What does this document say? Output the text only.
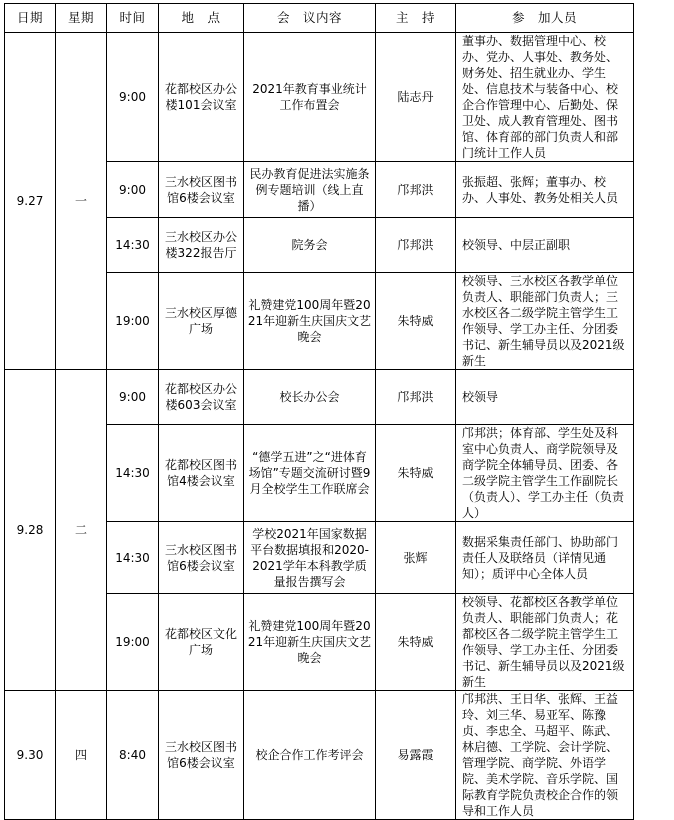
日期	星期	时间	地　点	会　议内容	主　持	参　加人员
9.27	一	9:00	花都校区办公楼101会议室	2021年教育事业统计工作布置会	陆志丹	董事办、数据管理中心、校办、党办、人事处、教务处、财务处、招生就业办、学生处、信息技术与装备中心、校企合作管理中心、后勤处、保卫处、成人教育管理处、图书馆、体育部的部门负责人和部门统计工作人员
		9:00	三水校区图书馆6楼会议室	民办教育促进法实施条例专题培训（线上直播）	邝邦洪	张振超、张辉；董事办、校办、人事处、教务处相关人员
		14:30	三水校区办公楼322报告厅	院务会	邝邦洪	校领导、中层正副职
		19:00	三水校区厚德广场	礼赞建党100周年暨2021年迎新生庆国庆文艺晚会	朱特威	校领导、三水校区各教学单位负责人、职能部门负责人；三水校区各二级学院主管学生工作领导、学工办主任、分团委书记、新生辅导员以及2021级新生
9.28	二	9:00	花都校区办公楼603会议室	校长办公会	邝邦洪	校领导
		14:30	花都校区图书馆4楼会议室	“德学五进”之“进体育场馆”专题交流研讨暨9月全校学生工作联席会	朱特威	邝邦洪；体育部、学生处及科室中心负责人、商学院领导及商学院全体辅导员、团委、各二级学院主管学生工作副院长（负责人）、学工办主任（负责人）
		14:30	三水校区图书馆6楼会议室	学校2021年国家数据平台数据填报和2020-2021学年本科教学质量报告撰写会	张辉	数据采集责任部门、协助部门责任人及联络员（详情见通知）；质评中心全体人员
		19:00	花都校区文化广场	礼赞建党100周年暨2021年迎新生庆国庆文艺晚会	朱特威	校领导、花都校区各教学单位负责人、职能部门负责人；花都校区各二级学院主管学生工作领导、学工办主任、分团委书记、新生辅导员以及2021级新生
9.30	四	8:40	三水校区图书馆6楼会议室	校企合作工作考评会	易露霞	邝邦洪、王日华、张辉、王益玲、刘三华、易亚军、陈豫贞、李忠全、马超平、陈武、林启德、工学院、会计学院、管理学院、商学院、外语学院、美术学院、音乐学院、国际教育学院负责校企合作的领导和工作人员
